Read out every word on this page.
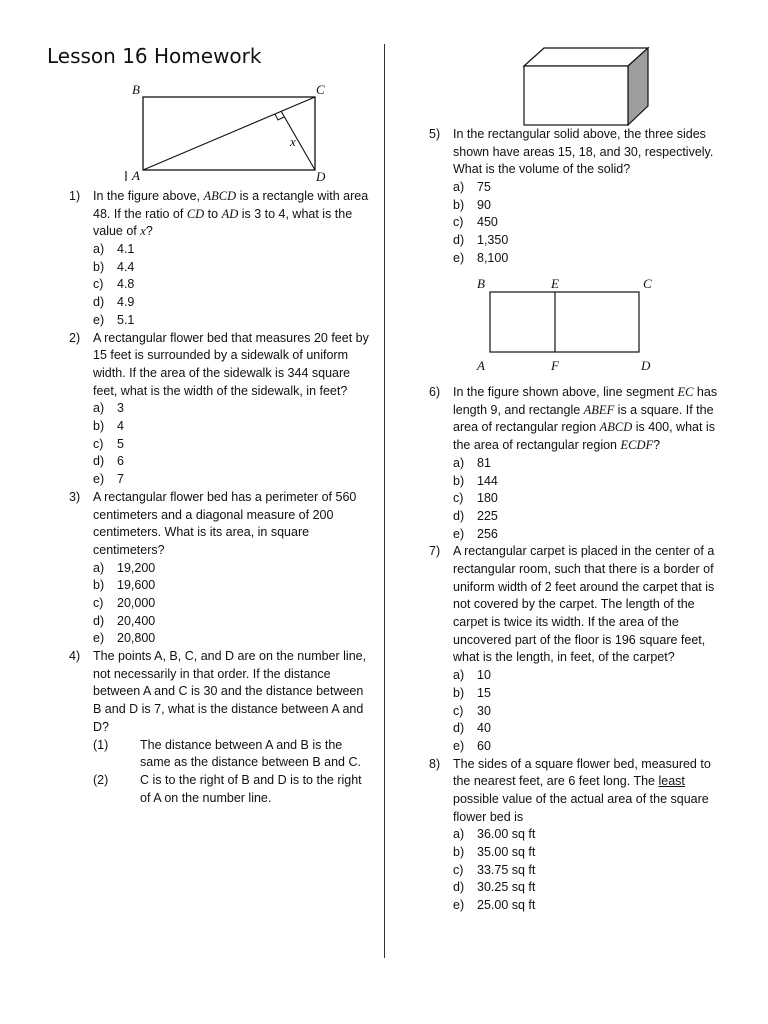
Lesson 16 Homework
B	C
A	D
x
B	E	C
A	F	D
1) In the figure above, ABCD is a rectangle with area 48. If the ratio of CD to AD is 3 to 4, what is the value of x?
a) 4.1
b) 4.4
c) 4.8
d) 4.9
e) 5.1
2) A rectangular flower bed that measures 20 feet by 15 feet is surrounded by a sidewalk of uniform width. If the area of the sidewalk is 344 square feet, what is the width of the sidewalk, in feet?
a) 3
b) 4
c) 5
d) 6
e) 7
3) A rectangular flower bed has a perimeter of 560 centimeters and a diagonal measure of 200 centimeters. What is its area, in square centimeters?
a) 19,200
b) 19,600
c) 20,000
d) 20,400
e) 20,800
4) The points A, B, C, and D are on the number line, not necessarily in that order. If the distance between A and C is 30 and the distance between B and D is 7, what is the distance between A and D?
(1)	The distance between A and B is the same as the distance between B and C.
(2)	C is to the right of B and D is to the right of A on the number line.
5) In the rectangular solid above, the three sides shown have areas 15, 18, and 30, respectively. What is the volume of the solid?
a) 75
b) 90
c) 450
d) 1,350
e) 8,100
6) In the figure shown above, line segment EC has length 9, and rectangle ABEF is a square. If the area of rectangular region ABCD is 400, what is the area of rectangular region ECDF?
a) 81
b) 144
c) 180
d) 225
e) 256
7) A rectangular carpet is placed in the center of a rectangular room, such that there is a border of uniform width of 2 feet around the carpet that is not covered by the carpet. The length of the carpet is twice its width. If the area of the uncovered part of the floor is 196 square feet, what is the length, in feet, of the carpet?
a) 10
b) 15
c) 30
d) 40
e) 60
8) The sides of a square flower bed, measured to the nearest feet, are 6 feet long. The least possible value of the actual area of the square flower bed is
a) 36.00 sq ft
b) 35.00 sq ft
c) 33.75 sq ft
d) 30.25 sq ft
e) 25.00 sq ft
